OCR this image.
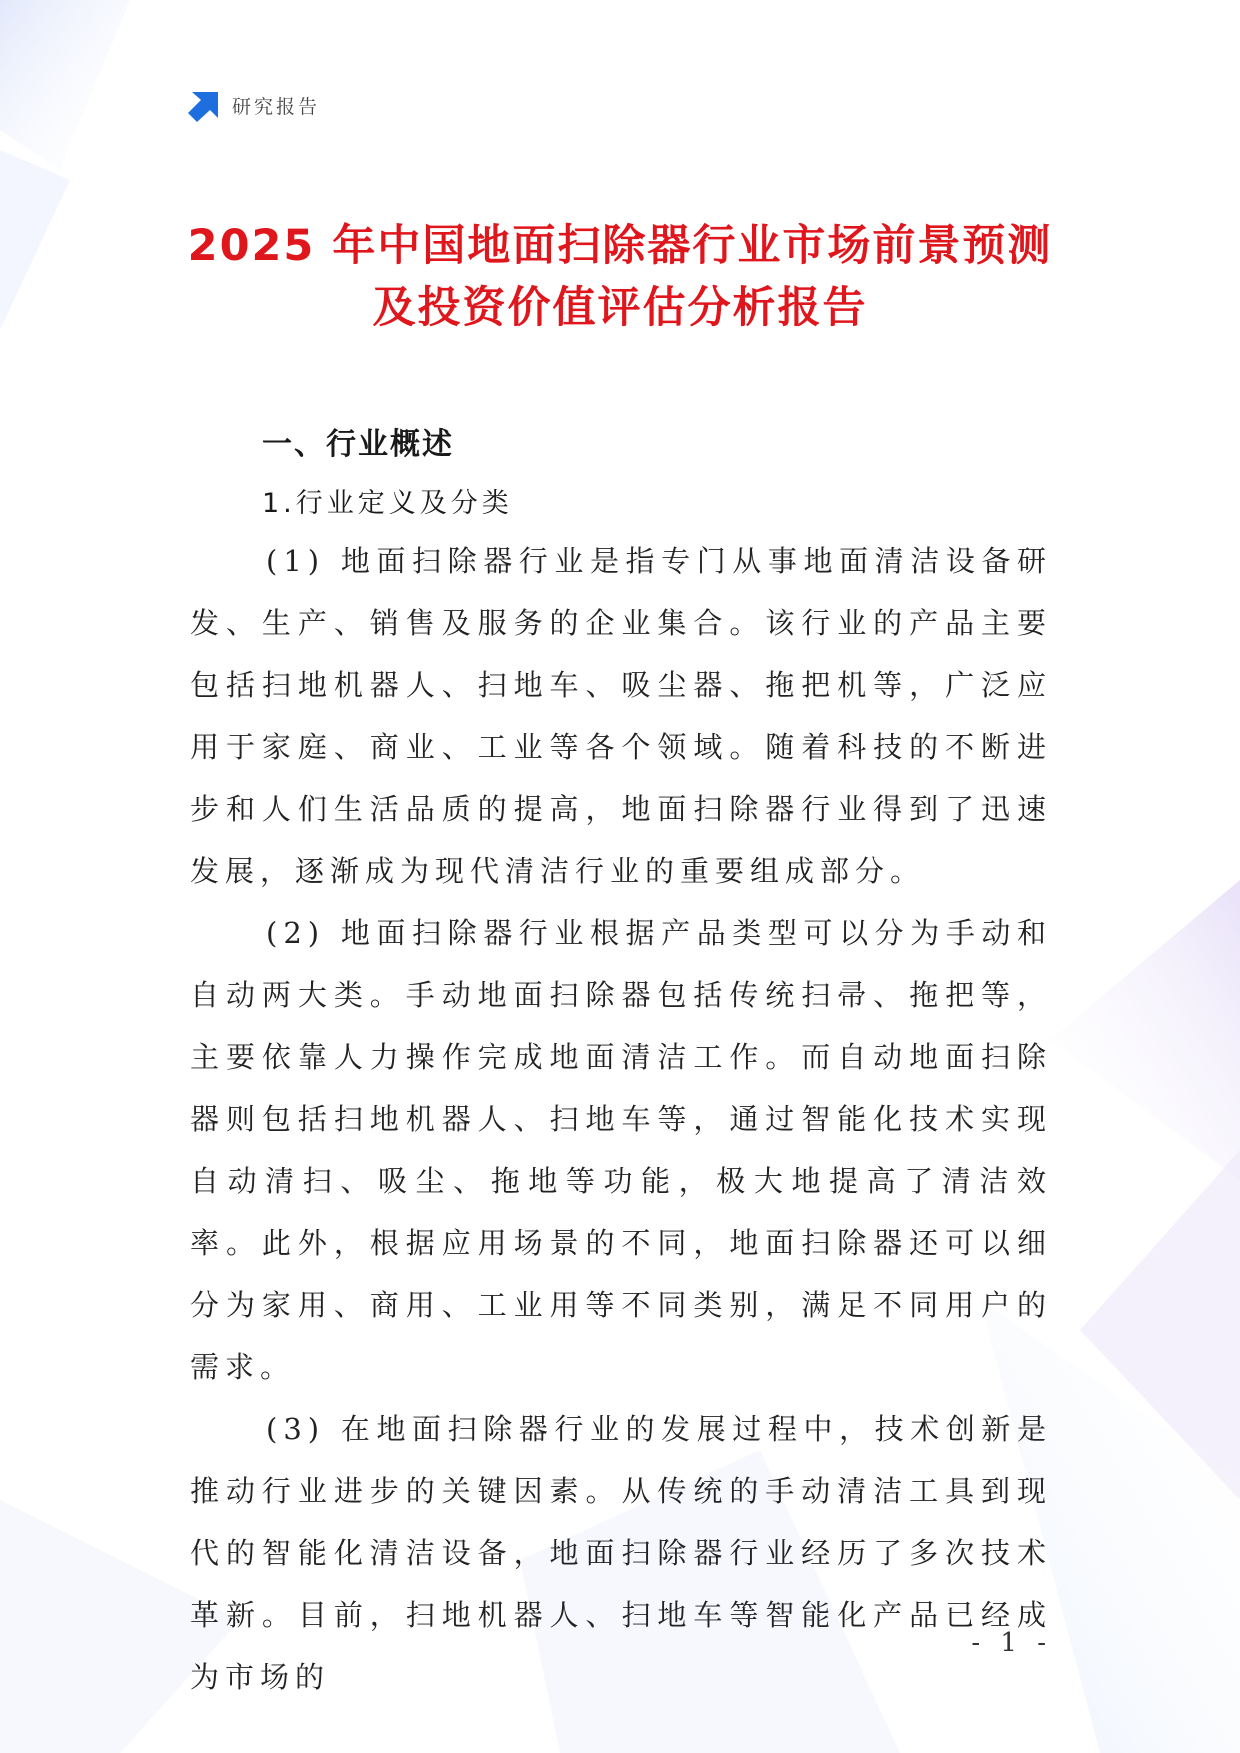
研究报告
2025 年中国地面扫除器行业市场前景预测
及投资价值评估分析报告
一、行业概述
1.行业定义及分类

(1) 地面扫除器行业是指专门从事地面清洁设备研发、生产、销售及服务的企业集合。该行业的产品主要包括扫地机器人、扫地车、吸尘器、拖把机等，广泛应用于家庭、商业、工业等各个领域。随着科技的不断进步和人们生活品质的提高，地面扫除器行业得到了迅速发展，逐渐成为现代清洁行业的重要组成部分。

(2) 地面扫除器行业根据产品类型可以分为手动和自动两大类。手动地面扫除器包括传统扫帚、拖把等，主要依靠人力操作完成地面清洁工作。而自动地面扫除器则包括扫地机器人、扫地车等，通过智能化技术实现自动清扫、吸尘、拖地等功能，极大地提高了清洁效率。此外，根据应用场景的不同，地面扫除器还可以细分为家用、商用、工业用等不同类别，满足不同用户的需求。

(3) 在地面扫除器行业的发展过程中，技术创新是推动行业进步的关键因素。从传统的手动清洁工具到现代的智能化清洁设备，地面扫除器行业经历了多次技术革新。目前，扫地机器人、扫地车等智能化产品已经成为市场的

- 1 -
